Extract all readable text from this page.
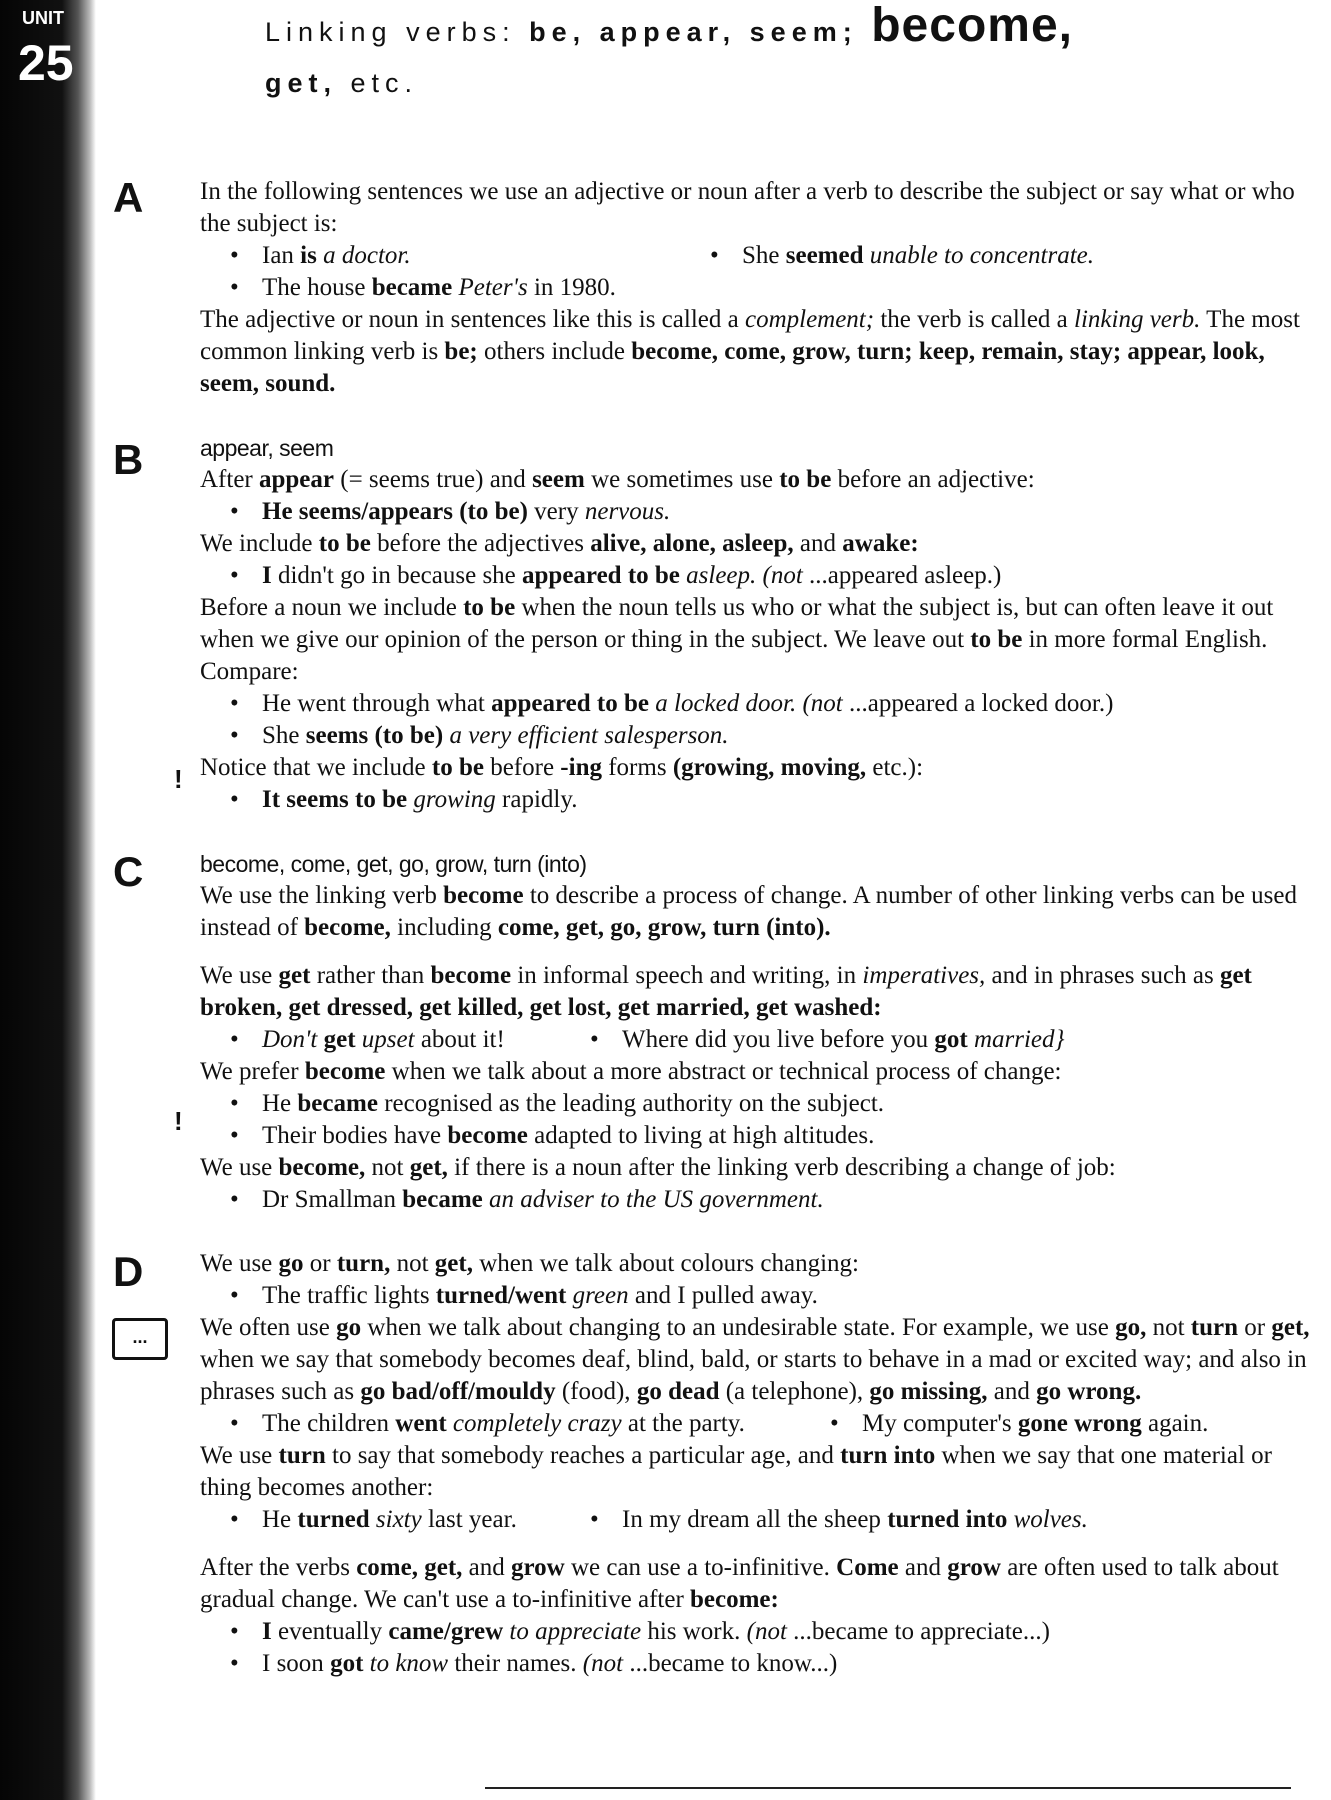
UNIT
25
Linking verbs: be, appear, seem; become,
get, etc.
A
B
C
D
!
!
...

In the following sentences we use an adjective or noun after a verb to describe the subject or say what or who the subject is:

• Ian is a doctor.	• She seemed unable to concentrate.
• The house became Peter's in 1980.

The adjective or noun in sentences like this is called a complement; the verb is called a linking verb. The most common linking verb is be; others include become, come, grow, turn; keep, remain, stay; appear, look, seem, sound.

appear, seem

After appear (= seems true) and seem we sometimes use to be before an adjective:

• He seems/appears (to be) very nervous.

We include to be before the adjectives alive, alone, asleep, and awake:

• I didn't go in because she appeared to be asleep. (not ...appeared asleep.)

Before a noun we include to be when the noun tells us who or what the subject is, but can often leave it out when we give our opinion of the person or thing in the subject. We leave out to be in more formal English. Compare:

• He went through what appeared to be a locked door. (not ...appeared a locked door.)
• She seems (to be) a very efficient salesperson.

Notice that we include to be before -ing forms (growing, moving, etc.):

• It seems to be growing rapidly.
become, come, get, go, grow, turn (into)

We use the linking verb become to describe a process of change. A number of other linking verbs can be used instead of become, including come, get, go, grow, turn (into).

We use get rather than become in informal speech and writing, in imperatives, and in phrases such as get broken, get dressed, get killed, get lost, get married, get washed:

• Don't get upset about it!	• Where did you live before you got married}

We prefer become when we talk about a more abstract or technical process of change:

• He became recognised as the leading authority on the subject.
• Their bodies have become adapted to living at high altitudes.

We use become, not get, if there is a noun after the linking verb describing a change of job:

• Dr Smallman became an adviser to the US government.

We use go or turn, not get, when we talk about colours changing:

• The traffic lights turned/went green and I pulled away.

We often use go when we talk about changing to an undesirable state. For example, we use go, not turn or get, when we say that somebody becomes deaf, blind, bald, or starts to behave in a mad or excited way; and also in phrases such as go bad/off/mouldy (food), go dead (a telephone), go missing, and go wrong.

• The children went completely crazy at the party.	• My computer's gone wrong again.

We use turn to say that somebody reaches a particular age, and turn into when we say that one material or thing becomes another:

• He turned sixty last year.	• In my dream all the sheep turned into wolves.

After the verbs come, get, and grow we can use a to-infinitive. Come and grow are often used to talk about gradual change. We can't use a to-infinitive after become:

• I eventually came/grew to appreciate his work. (not ...became to appreciate...)
• I soon got to know their names. (not ...became to know...)
